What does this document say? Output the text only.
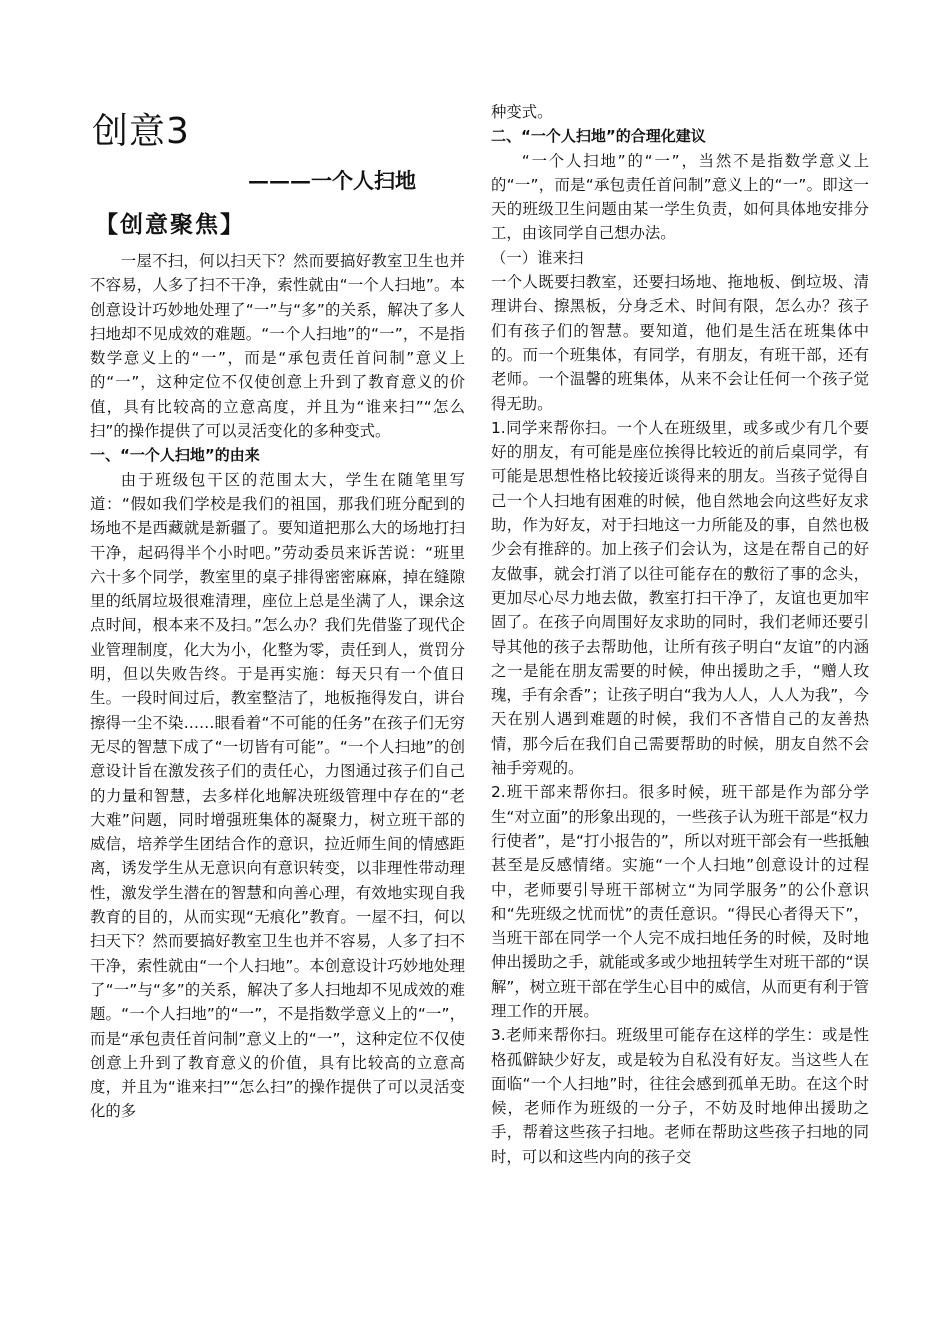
创意3
———一个人扫地
【创意聚焦】

一屋不扫，何以扫天下？然而要搞好教室卫生也并不容易，人多了扫不干净，索性就由“一个人扫地”。本创意设计巧妙地处理了“一”与“多”的关系，解决了多人扫地却不见成效的难题。“一个人扫地”的“一”，不是指数学意义上的“一”，而是“承包责任首问制”意义上的“一”，这种定位不仅使创意上升到了教育意义的价值，具有比较高的立意高度，并且为“谁来扫”“怎么扫”的操作提供了可以灵活变化的多种变式。

一、“一个人扫地”的由来

由于班级包干区的范围太大，学生在随笔里写道：“假如我们学校是我们的祖国，那我们班分配到的场地不是西藏就是新疆了。要知道把那么大的场地打扫干净，起码得半个小时吧。”劳动委员来诉苦说：“班里六十多个同学，教室里的桌子排得密密麻麻，掉在缝隙里的纸屑垃圾很难清理，座位上总是坐满了人，课余这点时间，根本来不及扫。”怎么办？我们先借鉴了现代企业管理制度，化大为小，化整为零，责任到人，赏罚分明，但以失败告终。于是再实施：每天只有一个值日生。一段时间过后，教室整洁了，地板拖得发白，讲台擦得一尘不染……眼看着“不可能的任务”在孩子们无穷无尽的智慧下成了“一切皆有可能”。“一个人扫地”的创意设计旨在激发孩子们的责任心，力图通过孩子们自己的力量和智慧，去多样化地解决班级管理中存在的“老大难”问题，同时增强班集体的凝聚力，树立班干部的威信，培养学生团结合作的意识，拉近师生间的情感距离，诱发学生从无意识向有意识转变，以非理性带动理性，激发学生潜在的智慧和向善心理，有效地实现自我教育的目的，从而实现“无痕化”教育。一屋不扫，何以扫天下？然而要搞好教室卫生也并不容易，人多了扫不干净，索性就由“一个人扫地”。本创意设计巧妙地处理了“一”与“多”的关系，解决了多人扫地却不见成效的难题。“一个人扫地”的“一”，不是指数学意义上的“一”，而是“承包责任首问制”意义上的“一”，这种定位不仅使创意上升到了教育意义的价值，具有比较高的立意高度，并且为“谁来扫”“怎么扫”的操作提供了可以灵活变化的多

种变式。

二、“一个人扫地”的合理化建议

“一个人扫地”的“一”，当然不是指数学意义上的“一”，而是“承包责任首问制”意义上的“一”。即这一天的班级卫生问题由某一学生负责，如何具体地安排分工，由该同学自己想办法。

（一）谁来扫

一个人既要扫教室，还要扫场地、拖地板、倒垃圾、清理讲台、擦黑板，分身乏术、时间有限，怎么办？孩子们有孩子们的智慧。要知道，他们是生活在班集体中的。而一个班集体，有同学，有朋友，有班干部，还有老师。一个温馨的班集体，从来不会让任何一个孩子觉得无助。

1.同学来帮你扫。一个人在班级里，或多或少有几个要好的朋友，有可能是座位挨得比较近的前后桌同学，有可能是思想性格比较接近谈得来的朋友。当孩子觉得自己一个人扫地有困难的时候，他自然地会向这些好友求助，作为好友，对于扫地这一力所能及的事，自然也极少会有推辞的。加上孩子们会认为，这是在帮自己的好友做事，就会打消了以往可能存在的敷衍了事的念头，更加尽心尽力地去做，教室打扫干净了，友谊也更加牢固了。在孩子向周围好友求助的同时，我们老师还要引导其他的孩子去帮助他，让所有孩子明白“友谊”的内涵之一是能在朋友需要的时候，伸出援助之手，“赠人玫瑰，手有余香”；让孩子明白“我为人人，人人为我”，今天在别人遇到难题的时候，我们不吝惜自己的友善热情，那今后在我们自己需要帮助的时候，朋友自然不会袖手旁观的。

2.班干部来帮你扫。很多时候，班干部是作为部分学生“对立面”的形象出现的，一些孩子认为班干部是“权力行使者”，是“打小报告的”，所以对班干部会有一些抵触甚至是反感情绪。实施“一个人扫地”创意设计的过程中，老师要引导班干部树立“为同学服务”的公仆意识和“先班级之忧而忧”的责任意识。“得民心者得天下”，当班干部在同学一个人完不成扫地任务的时候，及时地伸出援助之手，就能或多或少地扭转学生对班干部的“误解”，树立班干部在学生心目中的威信，从而更有利于管理工作的开展。

3.老师来帮你扫。班级里可能存在这样的学生：或是性格孤僻缺少好友，或是较为自私没有好友。当这些人在面临“一个人扫地”时，往往会感到孤单无助。在这个时候，老师作为班级的一分子，不妨及时地伸出援助之手，帮着这些孩子扫地。老师在帮助这些孩子扫地的同时，可以和这些内向的孩子交
